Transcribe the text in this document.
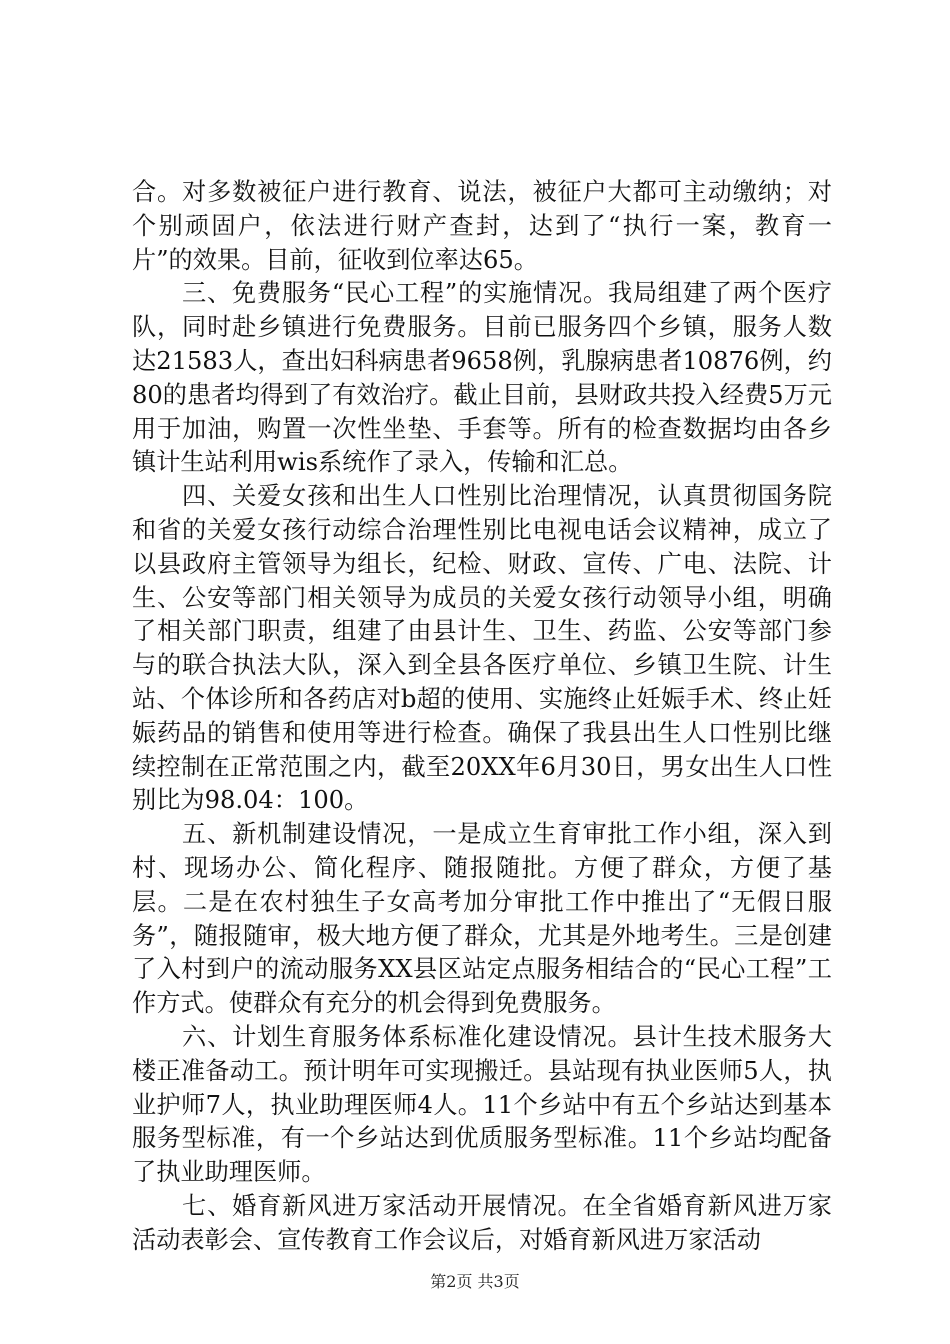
合。对多数被征户进行教育、说法，被征户大都可主动缴纳；对个别顽固户，依法进行财产查封，达到了“执行一案，教育一片”的效果。目前，征收到位率达65。

　　三、免费服务“民心工程”的实施情况。我局组建了两个医疗队，同时赴乡镇进行免费服务。目前已服务四个乡镇，服务人数达21583人，查出妇科病患者9658例，乳腺病患者10876例，约80的患者均得到了有效治疗。截止目前，县财政共投入经费5万元用于加油，购置一次性坐垫、手套等。所有的检查数据均由各乡镇计生站利用wis系统作了录入，传输和汇总。

　　四、关爱女孩和出生人口性别比治理情况，认真贯彻国务院和省的关爱女孩行动综合治理性别比电视电话会议精神，成立了以县政府主管领导为组长，纪检、财政、宣传、广电、法院、计生、公安等部门相关领导为成员的关爱女孩行动领导小组，明确了相关部门职责，组建了由县计生、卫生、药监、公安等部门参与的联合执法大队，深入到全县各医疗单位、乡镇卫生院、计生站、个体诊所和各药店对b超的使用、实施终止妊娠手术、终止妊娠药品的销售和使用等进行检查。确保了我县出生人口性别比继续控制在正常范围之内，截至20XX年6月30日，男女出生人口性别比为98.04：100。

　　五、新机制建设情况，一是成立生育审批工作小组，深入到村、现场办公、简化程序、随报随批。方便了群众，方便了基层。二是在农村独生子女高考加分审批工作中推出了“无假日服务”，随报随审，极大地方便了群众，尤其是外地考生。三是创建了入村到户的流动服务XX县区站定点服务相结合的“民心工程”工作方式。使群众有充分的机会得到免费服务。

　　六、计划生育服务体系标准化建设情况。县计生技术服务大楼正准备动工。预计明年可实现搬迁。县站现有执业医师5人，执业护师7人，执业助理医师4人。11个乡站中有五个乡站达到基本服务型标准，有一个乡站达到优质服务型标准。11个乡站均配备了执业助理医师。

　　七、婚育新风进万家活动开展情况。在全省婚育新风进万家活动表彰会、宣传教育工作会议后，对婚育新风进万家活动

第2页 共3页
